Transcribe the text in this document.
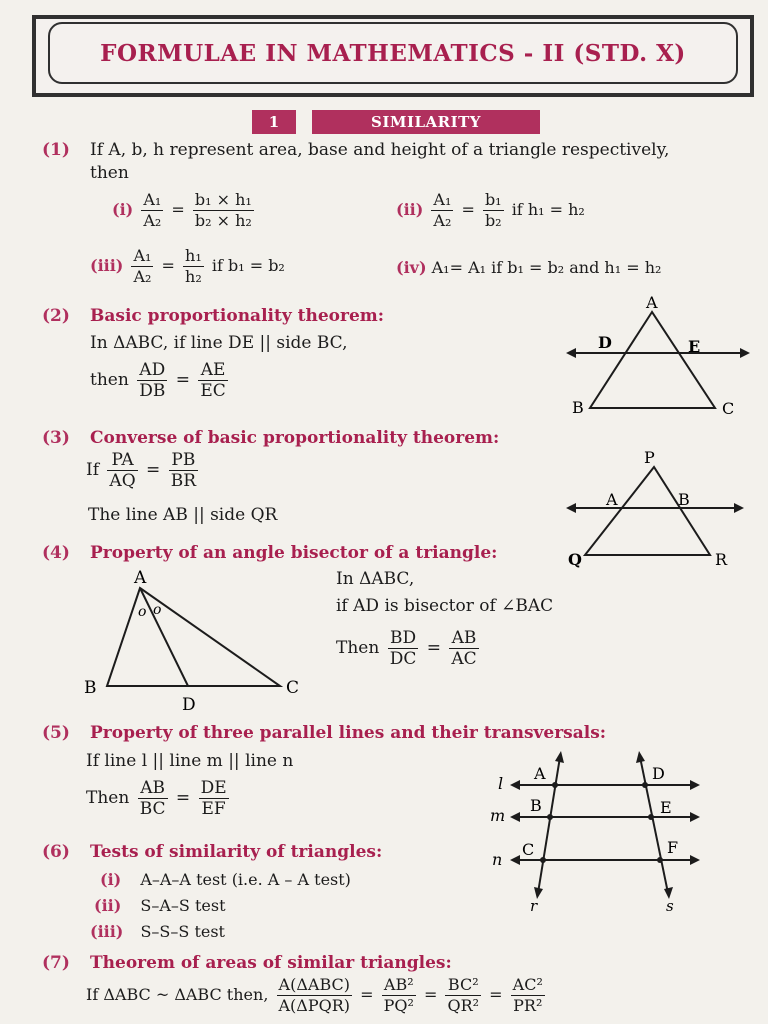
FORMULAE IN MATHEMATICS - II (STD. X)
1	SIMILARITY
(1) If A, b, h represent area, base and height of a triangle respectively,
then
$(i) \frac{\text{A₁}}{\text{A₂}} = \frac{\text{b₁ × h₁}}{\text{b₂ × h₂}}$	$(ii) \frac{\text{A₁}}{\text{A₂}} = \frac{\text{b₁}}{\text{b₂}}$ if h₁ = h₂
$(iii) \frac{\text{A₁}}{\text{A₂}} = \frac{\text{h₁}}{\text{h₂}}$ if b₁ = b₂	(iv) A₁= A₁ if b₁ = b₂ and h₁ = h₂
(2) Basic proportionality theorem:
In ΔABC, if line DE || side BC,
then $\frac{AD}{DB} = \frac{AE}{EC}$
A
B	C
D	E
(3) Converse of basic proportionality theorem:
If $\frac{PA}{AQ} = \frac{PB}{BR}$
The line AB || side QR
P
Q	R
A	B
(4) Property of an angle bisector of a triangle:
In ΔABC,
if AD is bisector of ∠BAC
Then $\frac{BD}{DC} = \frac{AB}{AC}$
A
B	C
D
o o
(5) Property of three parallel lines and their transversals:
If line l || line m || line n
Then $\frac{AB}{BC} = \frac{DE}{EF}$	l
m
n
A
B
C
D
E
F
r	s
(6) Tests of similarity of triangles:
(i) A–A–A test (i.e. A – A test)
(ii) S–A–S test
(iii) S–S–S test
(7) Theorem of areas of similar triangles:
If ΔABC ~ ΔABC then, $\frac{\text{A(ΔABC)}}{\text{A(ΔPQR)}} = \frac{\text{AB²}}{\text{PQ²}} = \frac{\text{BC²}}{\text{QR²}} = \frac{\text{AC²}}{\text{PR²}}$
